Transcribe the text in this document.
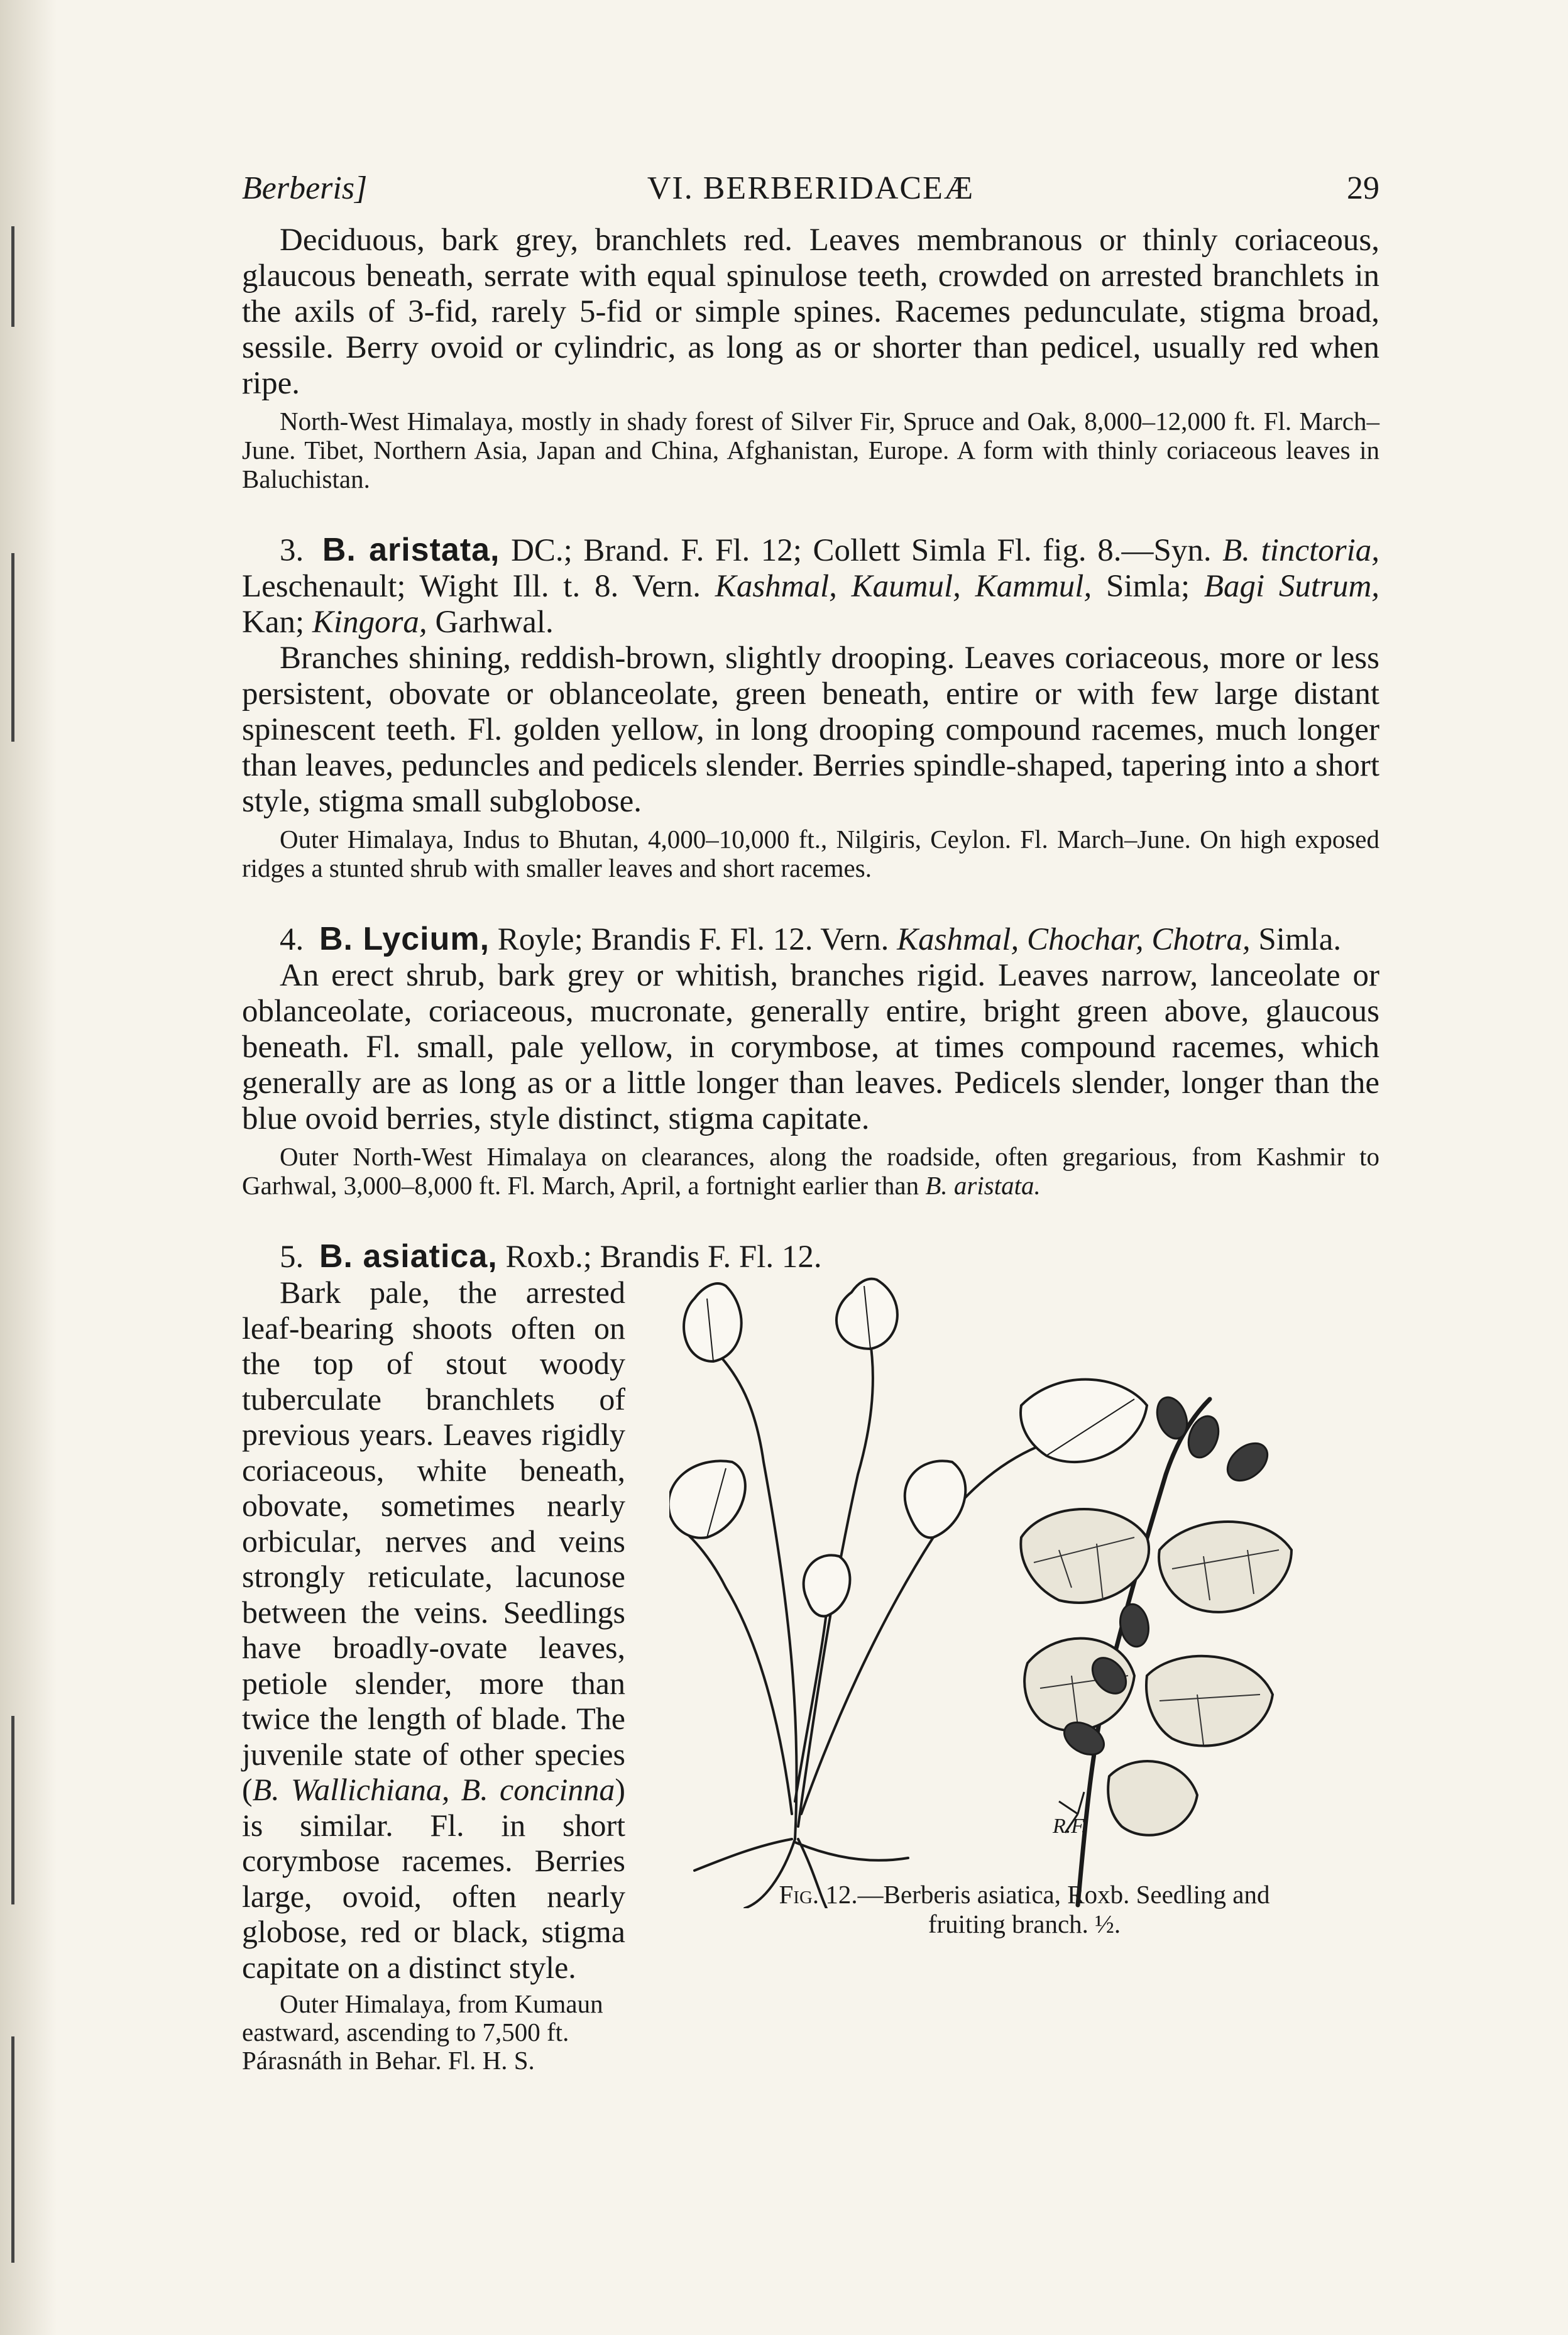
Berberis]	VI. BERBERIDACEÆ	29

Deciduous, bark grey, branchlets red. Leaves membranous or thinly coriaceous, glaucous beneath, serrate with equal spinulose teeth, crowded on arrested branchlets in the axils of 3-fid, rarely 5-fid or simple spines. Racemes pedunculate, stigma broad, sessile. Berry ovoid or cylindric, as long as or shorter than pedicel, usually red when ripe.

North-West Himalaya, mostly in shady forest of Silver Fir, Spruce and Oak, 8,000–12,000 ft. Fl. March–June. Tibet, Northern Asia, Japan and China, Afghanistan, Europe. A form with thinly coriaceous leaves in Baluchistan.

3. B. aristata, DC.; Brand. F. Fl. 12; Collett Simla Fl. fig. 8.—Syn. B. tinctoria, Leschenault; Wight Ill. t. 8. Vern. Kashmal, Kaumul, Kammul, Simla; Bagi Sutrum, Kan; Kingora, Garhwal.

Branches shining, reddish-brown, slightly drooping. Leaves coriaceous, more or less persistent, obovate or oblanceolate, green beneath, entire or with few large distant spinescent teeth. Fl. golden yellow, in long drooping compound racemes, much longer than leaves, peduncles and pedicels slender. Berries spindle-shaped, tapering into a short style, stigma small subglobose.

Outer Himalaya, Indus to Bhutan, 4,000–10,000 ft., Nilgiris, Ceylon. Fl. March–June. On high exposed ridges a stunted shrub with smaller leaves and short racemes.

4. B. Lycium, Royle; Brandis F. Fl. 12. Vern. Kashmal, Chochar, Chotra, Simla.

An erect shrub, bark grey or whitish, branches rigid. Leaves narrow, lanceolate or oblanceolate, coriaceous, mucronate, generally entire, bright green above, glaucous beneath. Fl. small, pale yellow, in corymbose, at times compound racemes, which generally are as long as or a little longer than leaves. Pedicels slender, longer than the blue ovoid berries, style distinct, stigma capitate.

Outer North-West Himalaya on clearances, along the roadside, often gregarious, from Kashmir to Garhwal, 3,000–8,000 ft. Fl. March, April, a fortnight earlier than B. aristata.

5. B. asiatica, Roxb.; Brandis F. Fl. 12.

Bark pale, the arrested leaf-bearing shoots often on the top of stout woody tuberculate branchlets of previous years. Leaves rigidly coriaceous, white beneath, obovate, sometimes nearly orbicular, nerves and veins strongly reticulate, lacunose between the veins. Seedlings have broadly-ovate leaves, petiole slender, more than twice the length of blade. The juvenile state of other species (B. Wallichiana, B. concinna) is similar. Fl. in short corymbose racemes. Berries large, ovoid, often nearly globose, red or black, stigma capitate on a distinct style.

Outer Himalaya, from Kumaun eastward, ascending to 7,500 ft. Párasnáth in Behar. Fl. H. S.

R.F.
Fig. 12.—Berberis asiatica, Roxb. Seedling and
fruiting branch. ½.
